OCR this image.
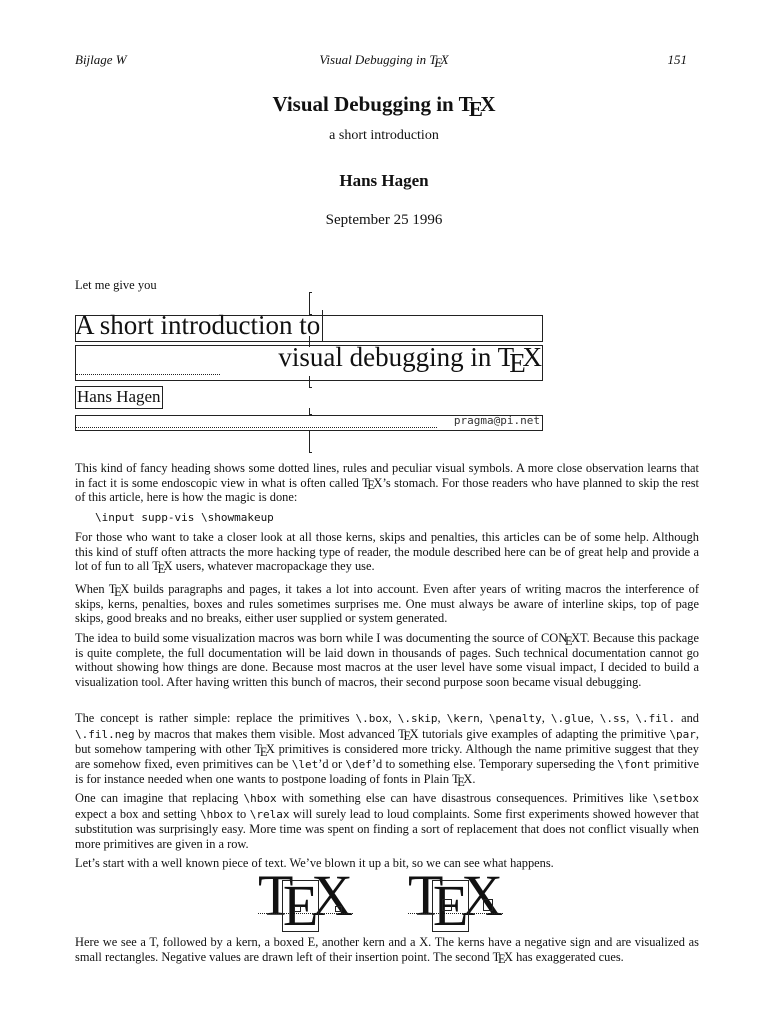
Bijlage W	Visual Debugging in TEX	151
Visual Debugging in TEX
a short introduction
Hans Hagen
September 25 1996
Let me give you
A short introduction to
visual debugging in TEX
Hans Hagen
pragma@pi.net
This kind of fancy heading shows some dotted lines, rules and peculiar visual symbols. A more close observation learns that in fact it is some endoscopic view in what is often called TEX’s stomach. For those readers who have planned to skip the rest of this article, here is how the magic is done:
\input supp-vis \showmakeup
For those who want to take a closer look at all those kerns, skips and penalties, this articles can be of some help. Although this kind of stuff often attracts the more hacking type of reader, the module described here can be of great help and provide a lot of fun to all TEX users, whatever macropackage they use.
When TEX builds paragraphs and pages, it takes a lot into account. Even after years of writing macros the interference of skips, kerns, penalties, boxes and rules sometimes surprises me. One must always be aware of interline skips, top of page skips, good breaks and no breaks, either user supplied or system generated.
The idea to build some visualization macros was born while I was documenting the source of CONEXT. Because this package is quite complete, the full documentation will be laid down in thousands of pages. Such technical documentation cannot go without showing how things are done. Because most macros at the user level have some visual impact, I decided to build a visualization tool. After having written this bunch of macros, their second purpose soon became visual debugging.
The concept is rather simple: replace the primitives \.box, \.skip, \kern, \penalty, \.glue, \.ss, \.fil. and \.fil.neg by macros that makes them visible. Most advanced TEX tutorials give examples of adapting the primitive \par, but somehow tampering with other TEX primitives is considered more tricky. Although the name primitive suggest that they are somehow fixed, even primitives can be \let’d or \def’d to something else. Temporary superseding the \font primitive is for instance needed when one wants to postpone loading of fonts in Plain TEX.
One can imagine that replacing \hbox with something else can have disastrous consequences. Primitives like \setbox expect a box and setting \hbox to \relax will surely lead to loud complaints. Some first experiments showed however that substitution was surprisingly easy. More time was spent on finding a sort of replacement that does not conflict visually when more primitives are given in a row.
Let’s start with a well known piece of text. We’ve blown it up a bit, so we can see what happens.
TEX TEX
Here we see a T, followed by a kern, a boxed E, another kern and a X. The kerns have a negative sign and are visualized as small rectangles. Negative values are drawn left of their insertion point. The second TEX has exaggerated cues.
